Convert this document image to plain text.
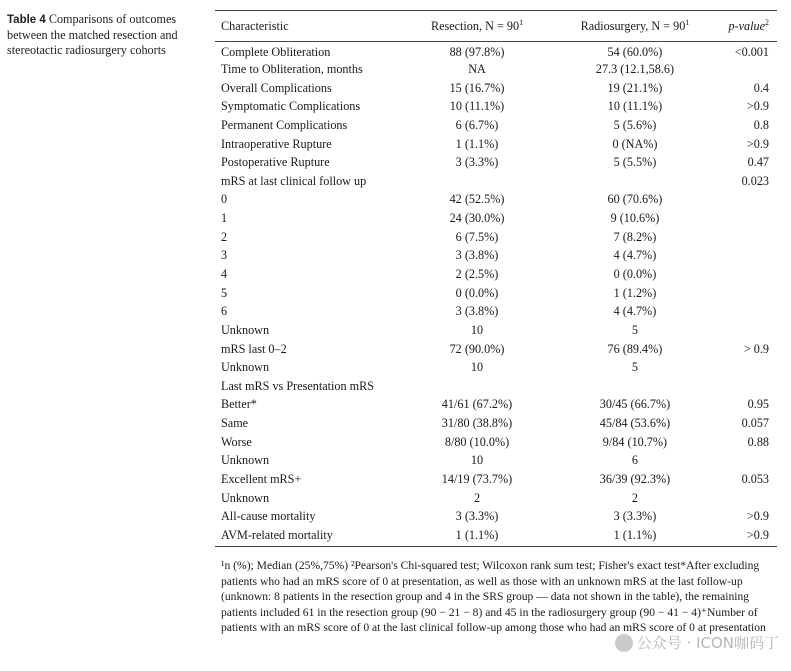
Table 4 Comparisons of outcomes between the matched resection and stereotactic radiosurgery cohorts
Characteristic	Resection, $N = 90^1$	Radiosurgery, $N = 90^1$	p-value$^2$
Complete Obliteration	88 (97.8%)	54 (60.0%)	<0.001
Time to Obliteration, months	NA	27.3 (12.1,58.6)	
Overall Complications	15 (16.7%)	19 (21.1%)	0.4
Symptomatic Complications	10 (11.1%)	10 (11.1%)	>0.9
Permanent Complications	6 (6.7%)	5 (5.6%)	0.8
Intraoperative Rupture	1 (1.1%)	0 (NA%)	>0.9
Postoperative Rupture	3 (3.3%)	5 (5.5%)	0.47
mRS at last clinical follow up			0.023
0	42 (52.5%)	60 (70.6%)	
1	24 (30.0%)	9 (10.6%)	
2	6 (7.5%)	7 (8.2%)	
3	3 (3.8%)	4 (4.7%)	
4	2 (2.5%)	0 (0.0%)	
5	0 (0.0%)	1 (1.2%)	
6	3 (3.8%)	4 (4.7%)	
Unknown	10	5	
mRS last 0–2	72 (90.0%)	76 (89.4%)	> 0.9
Unknown	10	5	
Last mRS vs Presentation mRS			
Better*	41/61 (67.2%)	30/45 (66.7%)	0.95
Same	31/80 (38.8%)	45/84 (53.6%)	0.057
Worse	8/80 (10.0%)	9/84 (10.7%)	0.88
Unknown	10	6	
Excellent mRS+	14/19 (73.7%)	36/39 (92.3%)	0.053
Unknown	2	2	
All-cause mortality	3 (3.3%)	3 (3.3%)	>0.9
AVM-related mortality	1 (1.1%)	1 (1.1%)	>0.9
¹n (%); Median (25%,75%) ²Pearson's Chi-squared test; Wilcoxon rank sum test; Fisher's exact test*After excluding patients who had an mRS score of 0 at presentation, as well as those with an unknown mRS at the last follow-up (unknown: 8 patients in the resection group and 4 in the SRS group — data not shown in the table), the remaining patients included 61 in the resection group (90 − 21 − 8) and 45 in the radiosurgery group (90 − 41 − 4)⁺Number of patients with an mRS score of 0 at the last clinical follow-up among those who had an mRS score of 0 at presentation
公众号 · ICON咖码丁
